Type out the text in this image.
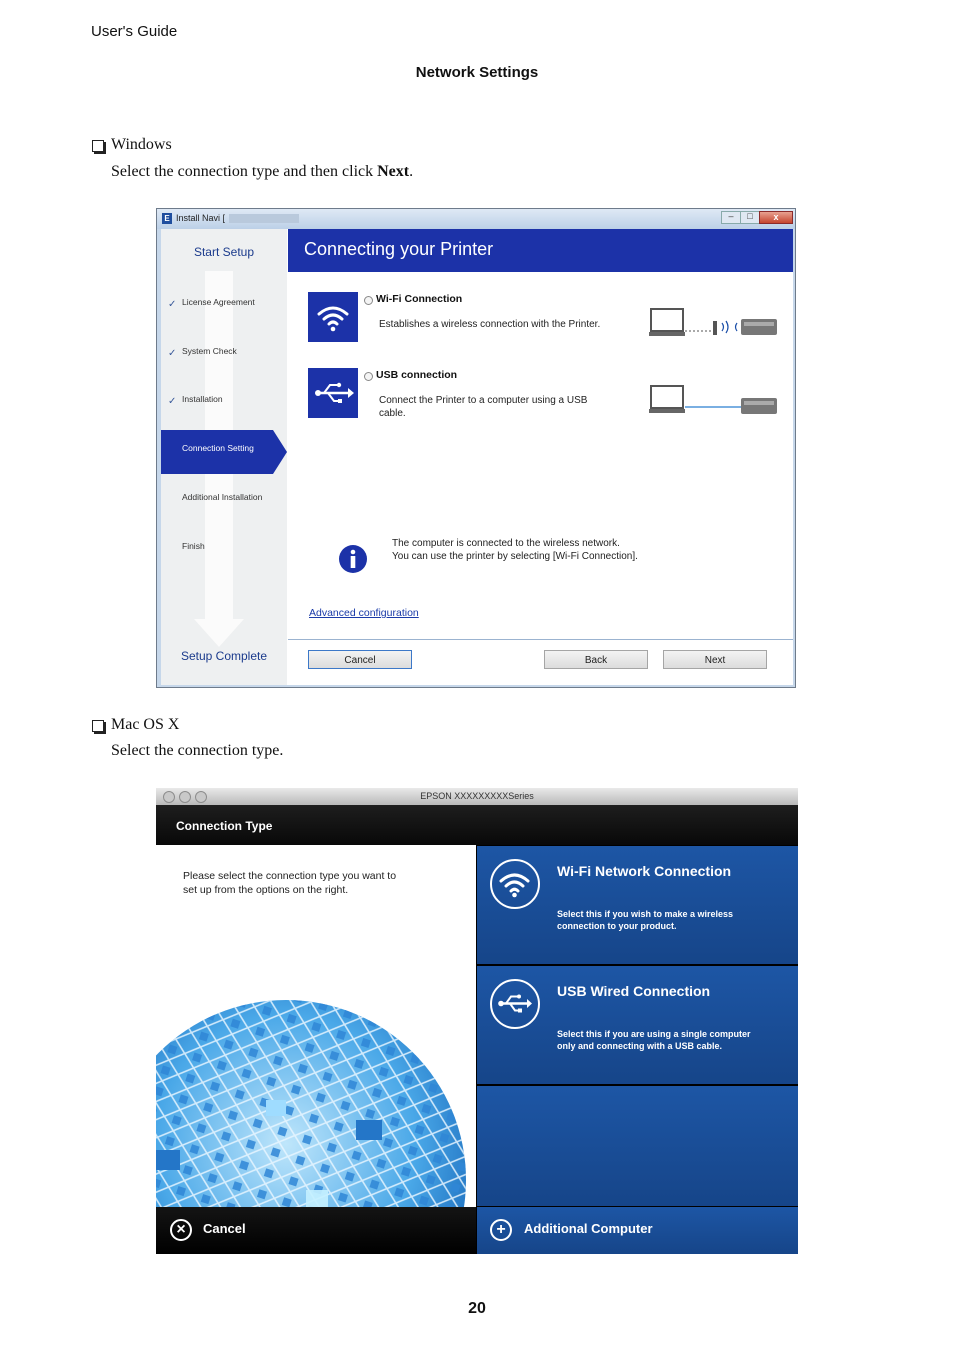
User's Guide
Network Settings
Windows
Select the connection type and then click Next.
E Install Navi [	–	□	x
Start Setup
✓ License Agreement
✓ System Check
✓ Installation
Connection Setting
Additional Installation
Finish
Setup Complete
Connecting your Printer
Wi-Fi Connection
Establishes a wireless connection with the Printer.
USB connection
Connect the Printer to a computer using a USB
cable.
The computer is connected to the wireless network.
You can use the printer by selecting [Wi-Fi Connection].
Advanced configuration
Cancel	Back	Next
Mac OS X
Select the connection type.
EPSON XXXXXXXXXSeries
Connection Type
Please select the connection type you want to
set up from the options on the right.
Wi-Fi Network Connection
Select this if you wish to make a wireless
connection to your product.
USB Wired Connection
Select this if you are using a single computer
only and connecting with a USB cable.
×	Cancel	+	Additional Computer
20
